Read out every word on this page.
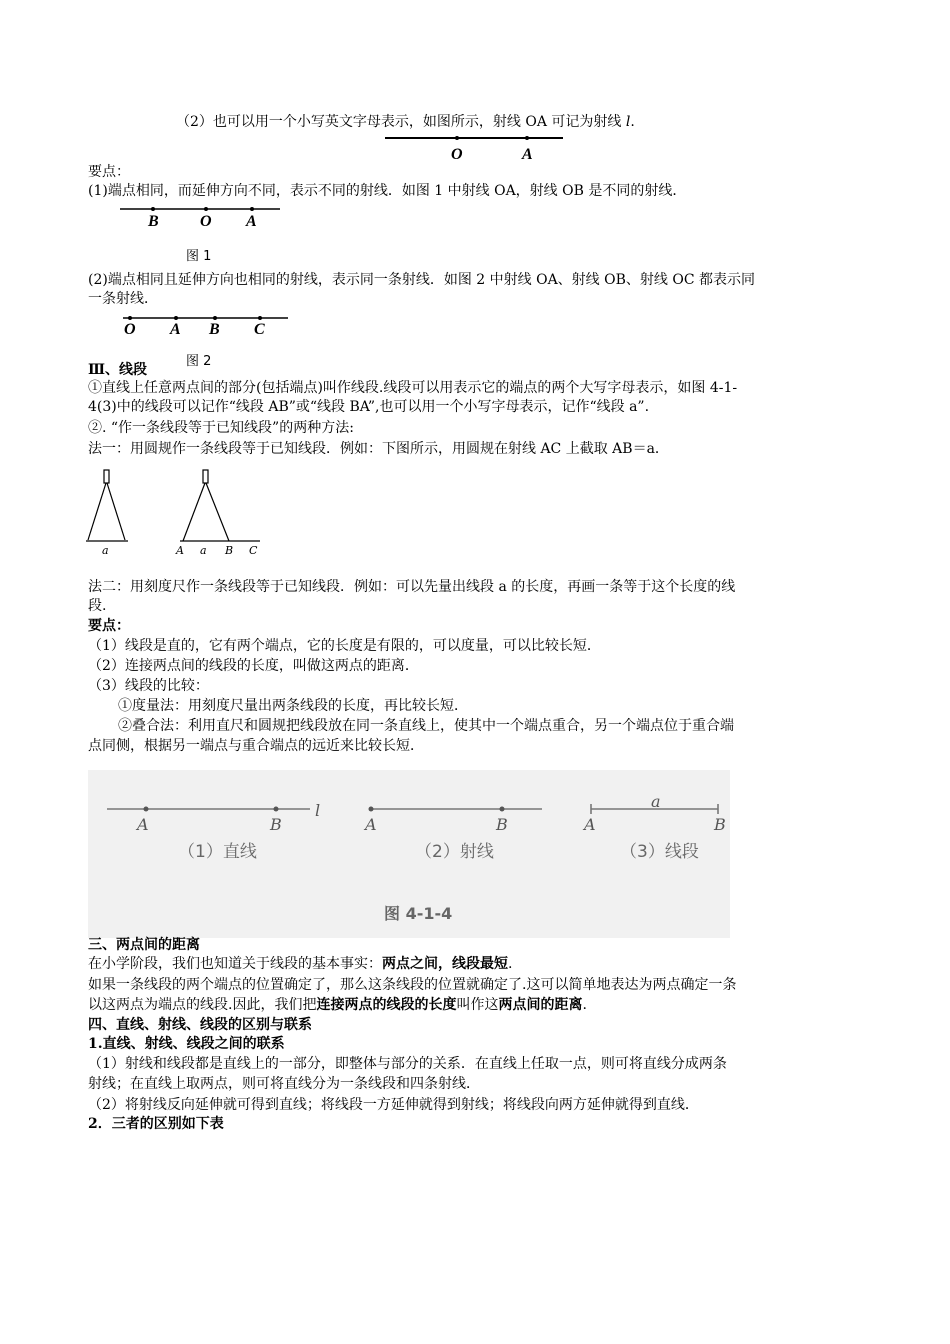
（2）也可以用一个小写英文字母表示，如图所示，射线 OA 可记为射线 l.
O	A
要点：
(1)端点相同，而延伸方向不同，表示不同的射线．如图 1 中射线 OA，射线 OB 是不同的射线．
B	O A
图 1
(2)端点相同且延伸方向也相同的射线，表示同一条射线．如图 2 中射线 OA、射线 OB、射线 OC 都表示同
一条射线．
O A B C
图 2
Ⅲ、线段
①直线上任意两点间的部分(包括端点)叫作线段.线段可以用表示它的端点的两个大写字母表示，如图 4-1-
4(3)中的线段可以记作“线段 AB”或“线段 BA”,也可以用一个小写字母表示，记作“线段 a”.
②. “作一条线段等于已知线段”的两种方法:
法一：用圆规作一条线段等于已知线段．例如：下图所示，用圆规在射线 AC 上截取 AB＝a．
a	A a B C
法二：用刻度尺作一条线段等于已知线段．例如：可以先量出线段 a 的长度，再画一条等于这个长度的线
段.
要点：
（1）线段是直的，它有两个端点，它的长度是有限的，可以度量，可以比较长短．
（2）连接两点间的线段的长度，叫做这两点的距离．
（3）线段的比较：
①度量法：用刻度尺量出两条线段的长度，再比较长短．
②叠合法：利用直尺和圆规把线段放在同一条直线上，使其中一个端点重合，另一个端点位于重合端
点同侧，根据另一端点与重合端点的远近来比较长短．
A	B
l
（1）直线
A	B
（2）射线
a
A	B
（3）线段
图 4-1-4
三、两点间的距离
在小学阶段，我们也知道关于线段的基本事实：两点之间，线段最短.
如果一条线段的两个端点的位置确定了，那么这条线段的位置就确定了.这可以简单地表达为两点确定一条
以这两点为端点的线段.因此，我们把连接两点的线段的长度叫作这两点间的距离.
四、直线、射线、线段的区别与联系
1.直线、射线、线段之间的联系
（1）射线和线段都是直线上的一部分，即整体与部分的关系．在直线上任取一点，则可将直线分成两条
射线；在直线上取两点，则可将直线分为一条线段和四条射线．
（2）将射线反向延伸就可得到直线；将线段一方延伸就得到射线；将线段向两方延伸就得到直线．
2．三者的区别如下表
